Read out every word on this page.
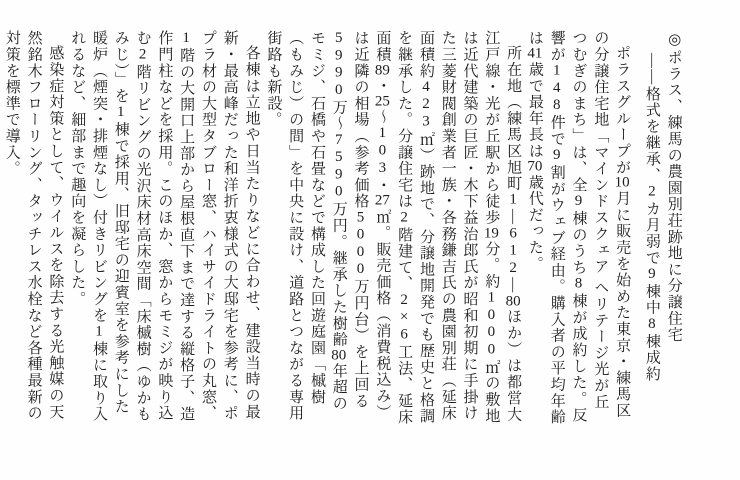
◎ポラス、練馬の農園別荘跡地に分譲住宅

——格式を継承、2カ月弱で9棟中8棟成約

ポラスグループが10月に販売を始めた東京・練馬区の分譲住宅地「マインドスクェア ヘリテージ光が丘 つむぎのまち」は、全9棟のうち8棟が成約した。反響が148件で9割がウェブ経由。購入者の平均年齢は41歳で最年長は70歳代だった。

所在地（練馬区旭町1—612—80ほか）は都営大江戸線・光が丘駅から徒歩19分。約1000㎡の敷地は近代建築の巨匠・木下益治郎氏が昭和初期に手掛けた三菱財閥創業者一族・各務鎌吉氏の農園別荘（延床面積約423㎡）跡地で、分譲地開発でも歴史と格調を継承した。分譲住宅は2階建て、2×6工法、延床面積89・25〜103・27㎡。販売価格（消費税込み）は近隣の相場（参考価格5000万円台）を上回る5990万〜7590万円。継承した樹齢80年超のモミジ、石橋や石畳などで構成した回遊庭園「槭樹（もみじ）の間」を中央に設け、道路とつながる専用街路も新設。

各棟は立地や日当たりなどに合わせ、建設当時の最新・最高峰だった和洋折衷様式の大邸宅を参考に、ポプラ材の大型タブロー窓、ハイサイドライトの丸窓、1階の大開口上部から屋根直下まで達する縦格子、造作門柱などを採用。このほか、窓からモミジが映り込む2階リビングの光沢床材高床空間「床槭樹（ゆかもみじ）」を1棟で採用、旧邸宅の迎賓室を参考にした暖炉（煙突・排煙なし）付きリビングを1棟に取り入れるなど、細部まで趣向を凝らした。

感染症対策として、ウイルスを除去する光触媒の天然銘木フローリング、タッチレス水栓など各種最新の対策を標準で導入。
